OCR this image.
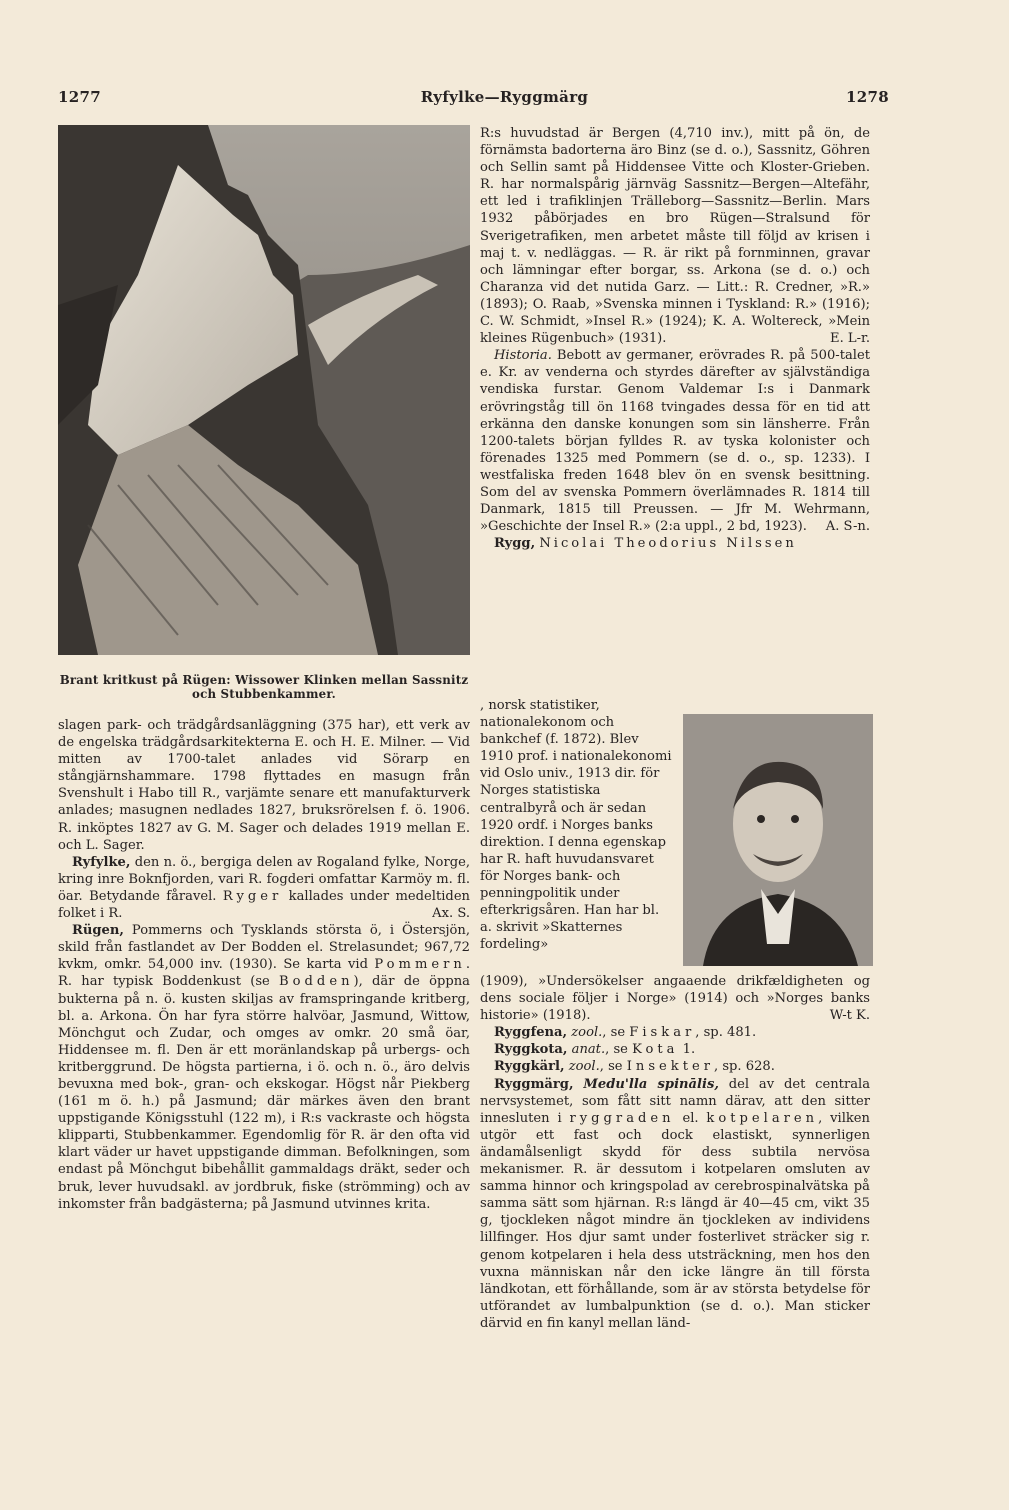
1277	Ryfylke—Ryggmärg	1278
Brant kritkust på Rügen: Wissower Klinken mellan Sassnitz och Stubbenkammer.

slagen park- och trädgårdsanläggning (375 har), ett verk av de engelska trädgårdsarkitekterna E. och H. E. Milner. — Vid mitten av 1700-talet anlades vid Sörarp en stångjärnshammare. 1798 flyttades en masugn från Svenshult i Habo till R., varjämte senare ett manufakturverk anlades; masugnen nedlades 1827, bruksrörelsen f. ö. 1906. R. inköptes 1827 av G. M. Sager och delades 1919 mellan E. och L. Sager.

Ryfylke, den n. ö., bergiga delen av Rogaland fylke, Norge, kring inre Boknfjorden, vari R. fogderi omfattar Karmöy m. fl. öar. Betydande fåravel. Ryger kallades under medeltiden folket i R.	Ax. S.

Rügen, Pommerns och Tysklands största ö, i Östersjön, skild från fastlandet av Der Bodden el. Strelasundet; 967,72 kvkm, omkr. 54,000 inv. (1930). Se karta vid Pommern. R. har typisk Boddenkust (se Bodden), där de öppna bukterna på n. ö. kusten skiljas av framspringande kritberg, bl. a. Arkona. Ön har fyra större halvöar, Jasmund, Wittow, Mönchgut och Zudar, och omges av omkr. 20 små öar, Hiddensee m. fl. Den är ett moränlandskap på urbergs- och kritberggrund. De högsta partierna, i ö. och n. ö., äro delvis bevuxna med bok-, gran- och ekskogar. Högst når Piekberg (161 m ö. h.) på Jasmund; där märkes även den brant uppstigande Königsstuhl (122 m), i R:s vackraste och högsta klipparti, Stubbenkammer. Egendomlig för R. är den ofta vid klart väder ur havet uppstigande dimman. Befolkningen, som endast på Mönchgut bibehållit gammaldags dräkt, seder och bruk, lever huvudsakl. av jordbruk, fiske (strömming) och av inkomster från badgästerna; på Jasmund utvinnes krita.

R:s huvudstad är Bergen (4,710 inv.), mitt på ön, de förnämsta badorterna äro Binz (se d. o.), Sassnitz, Göhren och Sellin samt på Hiddensee Vitte och Kloster-Grieben. R. har normalspårig järnväg Sassnitz—Bergen—Altefähr, ett led i trafiklinjen Trälleborg—Sassnitz—Berlin. Mars 1932 påbörjades en bro Rügen—Stralsund för Sverigetrafiken, men arbetet måste till följd av krisen i maj t. v. nedläggas. — R. är rikt på fornminnen, gravar och lämningar efter borgar, ss. Arkona (se d. o.) och Charanza vid det nutida Garz. — Litt.: R. Credner, »R.» (1893); O. Raab, »Svenska minnen i Tyskland: R.» (1916); C. W. Schmidt, »Insel R.» (1924); K. A. Woltereck, »Mein kleines Rügenbuch» (1931).	E. L-r.

Historia. Bebott av germaner, erövrades R. på 500-talet e. Kr. av venderna och styrdes därefter av självständiga vendiska furstar. Genom Valdemar I:s i Danmark erövringståg till ön 1168 tvingades dessa för en tid att erkänna den danske konungen som sin länsherre. Från 1200-talets början fylldes R. av tyska kolonister och förenades 1325 med Pommern (se d. o., sp. 1233). I westfaliska freden 1648 blev ön en svensk besittning. Som del av svenska Pommern överlämnades R. 1814 till Danmark, 1815 till Preussen. — Jfr M. Wehrmann, »Geschichte der Insel R.» (2:a uppl., 2 bd, 1923).	A. S-n.

Rygg, Nicolai Theodorius Nilssen

, norsk statistiker, nationalekonom och bankchef (f. 1872). Blev 1910 prof. i nationalekonomi vid Oslo univ., 1913 dir. för Norges statistiska centralbyrå och är sedan 1920 ordf. i Norges banks direktion. I denna egenskap har R. haft huvudansvaret för Norges bank- och penningpolitik under efterkrigsåren. Han har bl. a. skrivit »Skatternes fordeling»

(1909), »Undersökelser angaaende drikfældigheten og dens sociale följer i Norge» (1914) och »Norges banks historie» (1918).	W-t K.

Ryggfena, zool., se Fiskar, sp. 481.

Ryggkota, anat., se Kota 1.

Ryggkärl, zool., se Insekter, sp. 628.

Ryggmärg, Medu'lla spinālis, del av det centrala nervsystemet, som fått sitt namn därav, att den sitter innesluten i ryggraden el. kotpelaren, vilken utgör ett fast och dock elastiskt, synnerligen ändamålsenligt skydd för dess subtila nervösa mekanismer. R. är dessutom i kotpelaren omsluten av samma hinnor och kringspolad av cerebrospinalvätska på samma sätt som hjärnan. R:s längd är 40—45 cm, vikt 35 g, tjockleken något mindre än tjockleken av individens lillfinger. Hos djur samt under fosterlivet sträcker sig r. genom kotpelaren i hela dess utsträckning, men hos den vuxna människan når den icke längre än till första ländkotan, ett förhållande, som är av största betydelse för utförandet av lumbalpunktion (se d. o.). Man sticker därvid en fin kanyl mellan länd-
